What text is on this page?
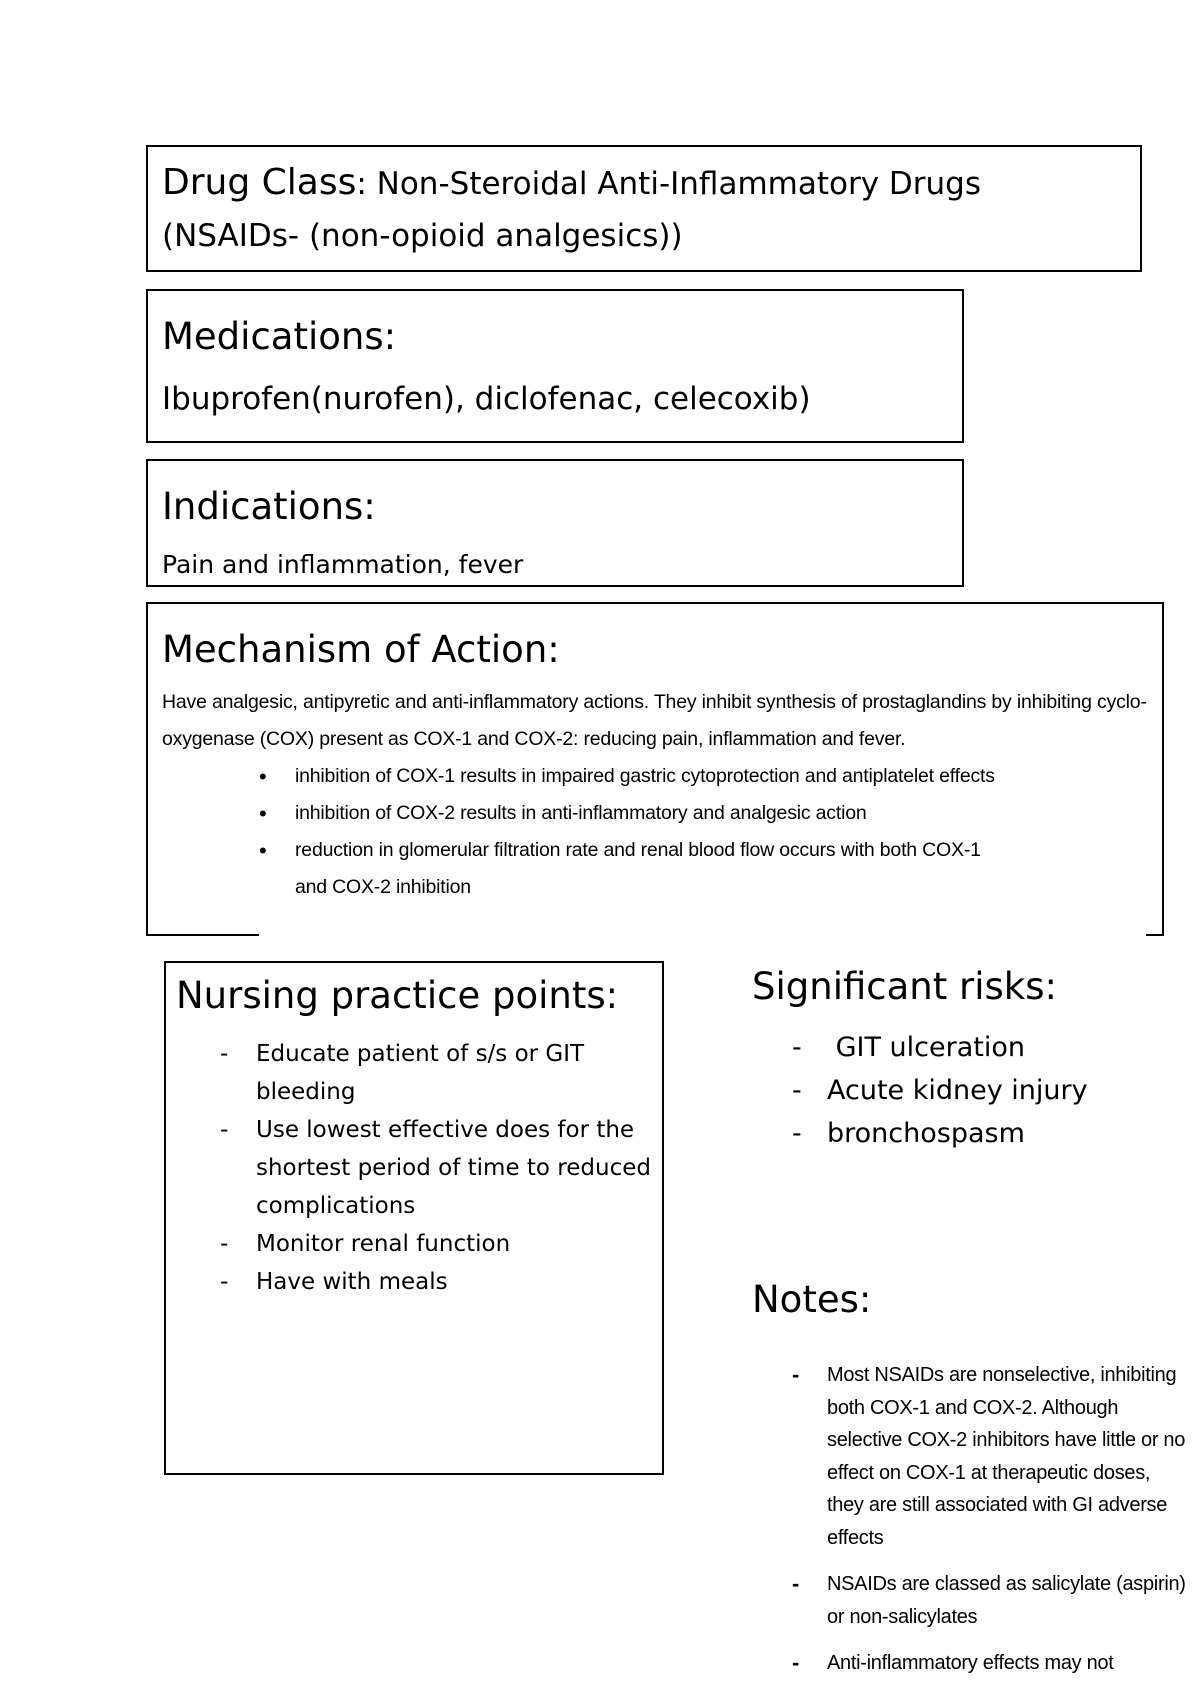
Drug Class: Non-Steroidal Anti-Inflammatory Drugs
(NSAIDs- (non-opioid analgesics))
Medications:
Ibuprofen(nurofen), diclofenac, celecoxib)
Indications:
Pain and inflammation, fever
Mechanism of Action:
Have analgesic, antipyretic and anti-inflammatory actions. They inhibit synthesis of prostaglandins by inhibiting cyclo-oxygenase (COX) present as COX-1 and COX-2: reducing pain, inflammation and fever.
• inhibition of COX-1 results in impaired gastric cytoprotection and antiplatelet effects
• inhibition of COX-2 results in anti-inflammatory and analgesic action
• reduction in glomerular filtration rate and renal blood flow occurs with both COX-1
and COX-2 inhibition
Nursing practice points:
- Educate patient of s/s or GIT bleeding
- Use lowest effective does for the shortest period of time to reduced complications
- Monitor renal function
- Have with meals
Significant risks:
- GIT ulceration
- Acute kidney injury
- bronchospasm
Notes:
- Most NSAIDs are nonselective, inhibiting both COX-1 and COX-2. Although selective COX-2 inhibitors have little or no effect on COX-1 at therapeutic doses, they are still associated with GI adverse effects
- NSAIDs are classed as salicylate (aspirin) or non-salicylates
- Anti-inflammatory effects may not
